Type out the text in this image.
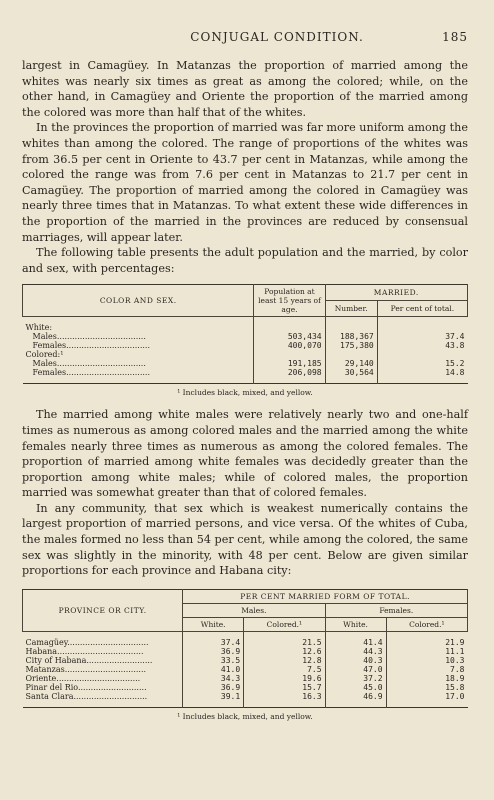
CONJUGAL CONDITION.	185

largest in Camagüey. In Matanzas the proportion of married among the whites was nearly six times as great as among the colored; while, on the other hand, in Camagüey and Oriente the proportion of the married among the colored was more than half that of the whites.

In the provinces the proportion of married was far more uniform among the whites than among the colored. The range of proportions of the whites was from 36.5 per cent in Oriente to 43.7 per cent in Matanzas, while among the colored the range was from 7.6 per cent in Matanzas to 21.7 per cent in Camagüey. The proportion of married among the colored in Camagüey was nearly three times that in Matanzas. To what extent these wide differences in the proportion of the married in the provinces are reduced by consensual marriages, will appear later.

The following table presents the adult population and the married, by color and sex, with percentages:

COLOR AND SEX.	Population at least 15 years of age.	MARRIED.	
		Number.	Per cent of total.

White:			
Males...................................	503,434	188,367	37.4
Females.................................	400,070	175,380	43.8
Colored:¹			
Males...................................	191,185	29,140	15.2
Females.................................	206,098	30,564	14.8

¹ Includes black, mixed, and yellow.

The married among white males were relatively nearly two and one-half times as numerous as among colored males and the married among the white females nearly three times as numerous as among the colored females. The proportion of married among white females was decidedly greater than the proportion among white males; while of colored males, the proportion married was somewhat greater than that of colored females.

In any community, that sex which is weakest numerically contains the largest proportion of married persons, and vice versa. Of the whites of Cuba, the males formed no less than 54 per cent, while among the colored, the same sex was slightly in the minority, with 48 per cent. Below are given similar proportions for each province and Habana city:

PROVINCE OR CITY.	PER CENT MARRIED FORM OF TOTAL.			
	Males.		Females.	
	White.	Colored.¹	White.	Colored.¹

Camagüey................................	37.4	21.5	41.4	21.9
Habana..................................	36.9	12.6	44.3	11.1
City of Habana..........................	33.5	12.8	40.3	10.3
Matanzas................................	41.0	7.5	47.0	7.8
Oriente.................................	34.3	19.6	37.2	18.9
Pinar del Rio...........................	36.9	15.7	45.0	15.8
Santa Clara.............................	39.1	16.3	46.9	17.0

¹ Includes black, mixed, and yellow.
